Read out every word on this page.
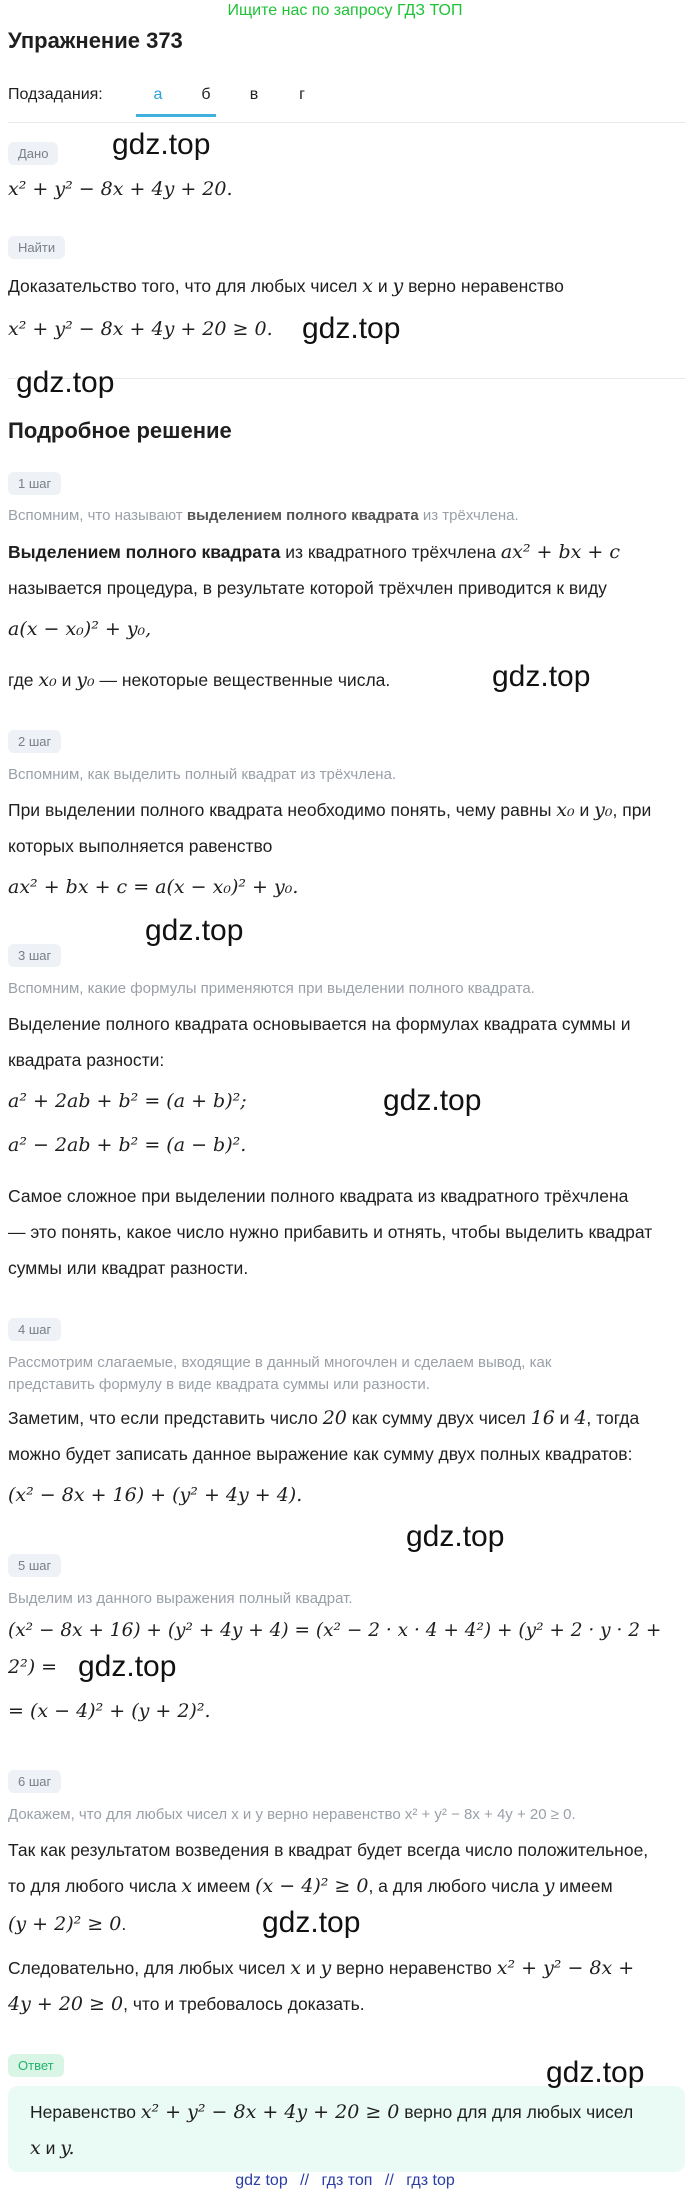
Ищите нас по запросу ГДЗ ТОП
Упражнение 373
Подзадания:	а	б	в	г
Дано
x² + y² − 8x + 4y + 20.
Найти
Доказательство того, что для любых чисел x и y верно неравенство
x² + y² − 8x + 4y + 20 ≥ 0.
Подробное решение
1 шаг
Вспомним, что называют выделением полного квадрата из трёхчлена.
Выделением полного квадрата из квадратного трёхчлена ax² + bx + c
называется процедура, в результате которой трёхчлен приводится к виду
a(x − x₀)² + y₀,
где x₀ и y₀ — некоторые вещественные числа.
2 шаг
Вспомним, как выделить полный квадрат из трёхчлена.
При выделении полного квадрата необходимо понять, чему равны x₀ и y₀, при
которых выполняется равенство
ax² + bx + c = a(x − x₀)² + y₀.
3 шаг
Вспомним, какие формулы применяются при выделении полного квадрата.
Выделение полного квадрата основывается на формулах квадрата суммы и
квадрата разности:
a² + 2ab + b² = (a + b)²;
a² − 2ab + b² = (a − b)².
Самое сложное при выделении полного квадрата из квадратного трёхчлена
— это понять, какое число нужно прибавить и отнять, чтобы выделить квадрат
суммы или квадрат разности.
4 шаг
Рассмотрим слагаемые, входящие в данный многочлен и сделаем вывод, как
представить формулу в виде квадрата суммы или разности.
Заметим, что если представить число 20 как сумму двух чисел 16 и 4, тогда
можно будет записать данное выражение как сумму двух полных квадратов:
(x² − 8x + 16) + (y² + 4y + 4).
5 шаг
Выделим из данного выражения полный квадрат.
(x² − 8x + 16) + (y² + 4y + 4) = (x² − 2 · x · 4 + 4²) + (y² + 2 · y · 2 +
2²) =
= (x − 4)² + (y + 2)².
6 шаг
Докажем, что для любых чисел x и y верно неравенство x² + y² − 8x + 4y + 20 ≥ 0.
Так как результатом возведения в квадрат будет всегда число положительное,
то для любого числа x имеем (x − 4)² ≥ 0, а для любого числа y имеем
(y + 2)² ≥ 0.
Следовательно, для любых чисел x и y верно неравенство x² + y² − 8x +
4y + 20 ≥ 0, что и требовалось доказать.
Ответ
Неравенство x² + y² − 8x + 4y + 20 ≥ 0 верно для для любых чисел
x и y.
gdz.top
gdz.top
gdz.top
gdz.top
gdz.top
gdz.top
gdz.top
gdz.top
gdz.top
gdz.top
gdz top // гдз топ // гдз top
